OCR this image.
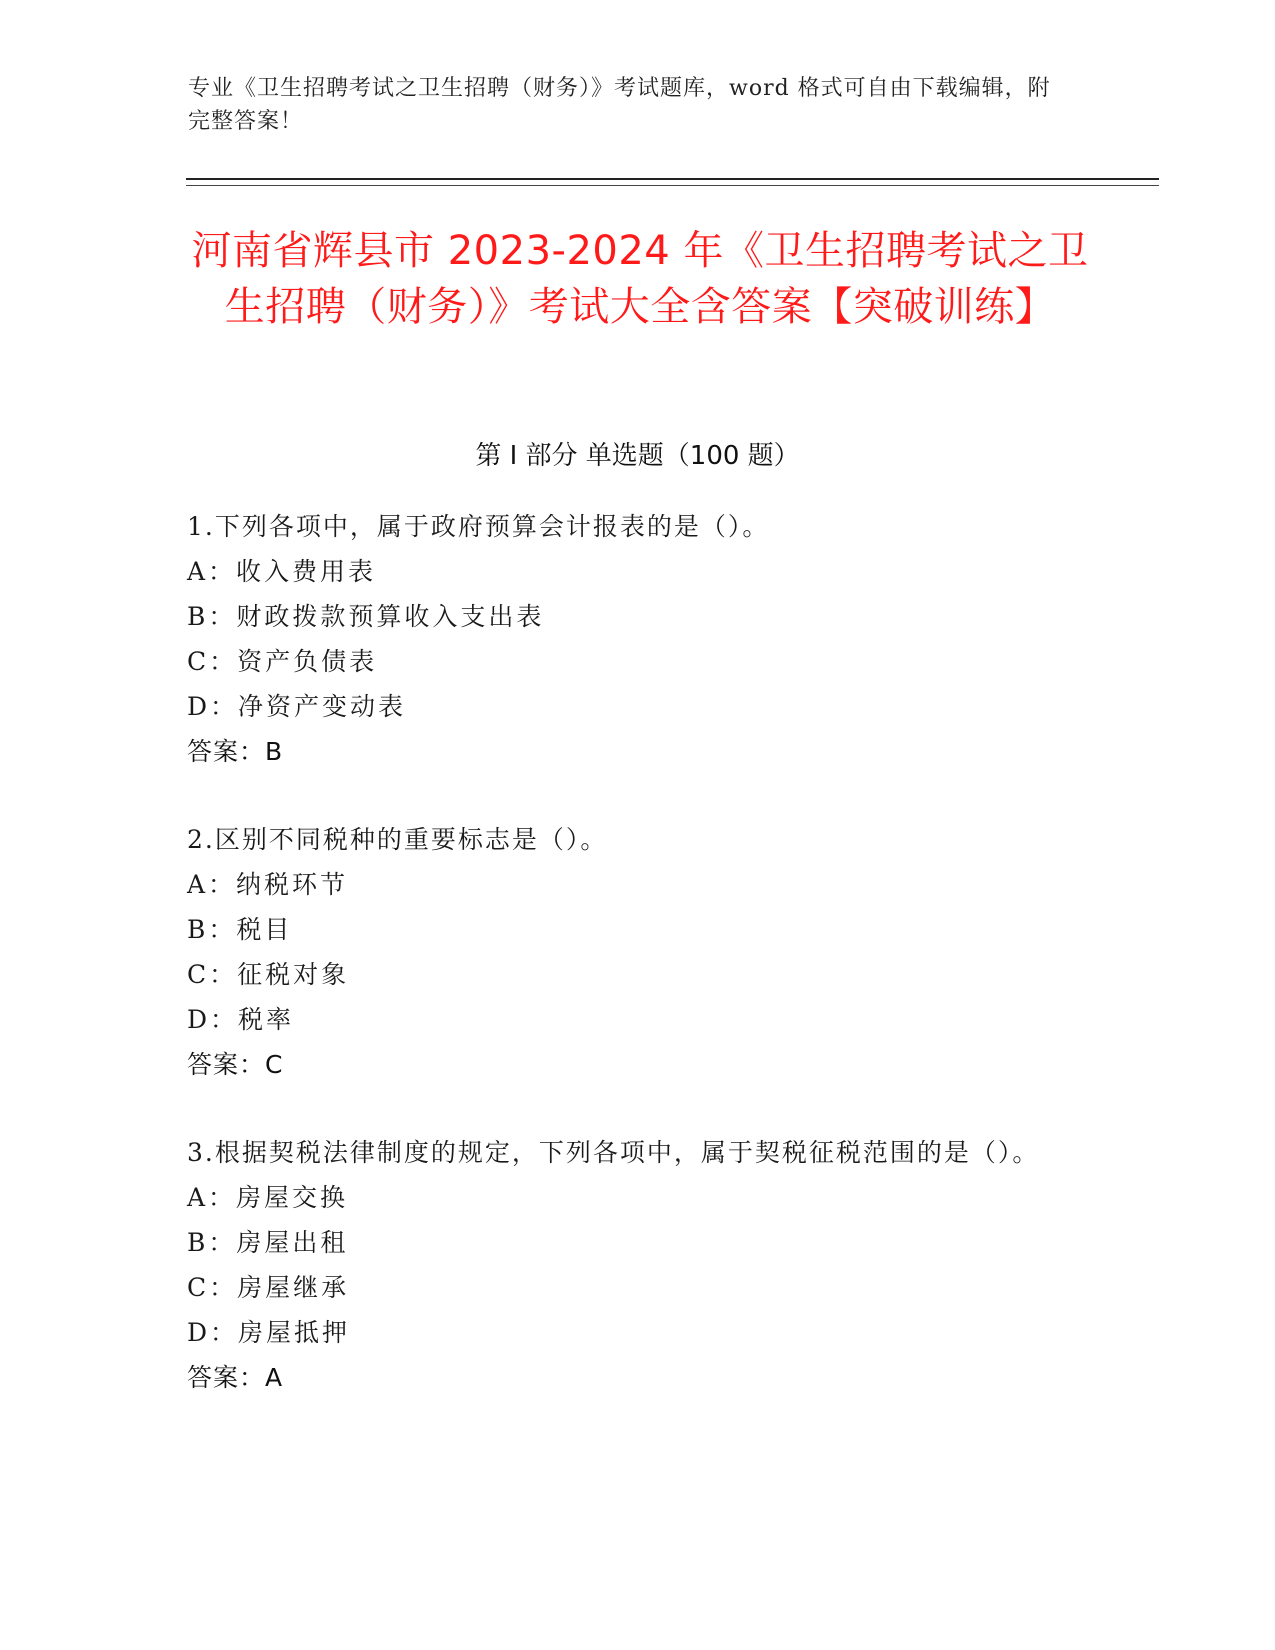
专业《卫生招聘考试之卫生招聘（财务）》考试题库，word 格式可自由下载编辑，附完整答案！
河南省辉县市 2023-2024 年《卫生招聘考试之卫生招聘（财务）》考试大全含答案【突破训练】
第 I 部分 单选题（100 题）
1.下列各项中，属于政府预算会计报表的是（）。
A：收入费用表
B：财政拨款预算收入支出表
C：资产负债表
D：净资产变动表
答案：B
2.区别不同税种的重要标志是（）。
A：纳税环节
B：税目
C：征税对象
D：税率
答案：C
3.根据契税法律制度的规定，下列各项中，属于契税征税范围的是（）。
A：房屋交换
B：房屋出租
C：房屋继承
D：房屋抵押
答案：A
